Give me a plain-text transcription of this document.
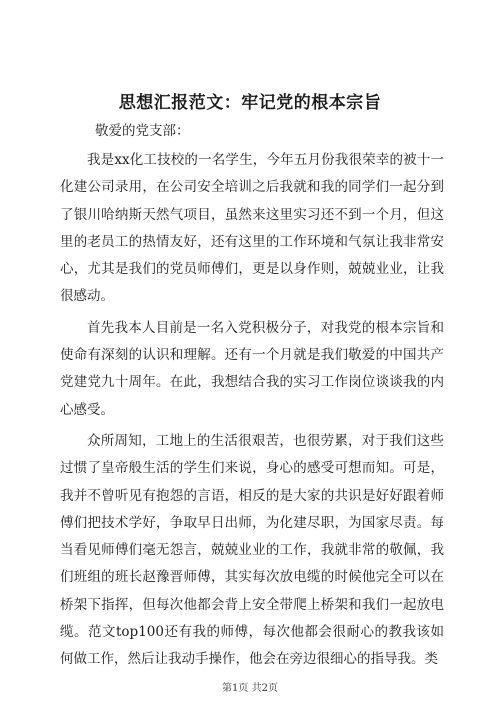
思想汇报范文：牢记党的根本宗旨
敬爱的党支部：

我是xx化工技校的一名学生，今年五月份我很荣幸的被十一化建公司录用，在公司安全培训之后我就和我的同学们一起分到了银川哈纳斯天然气项目，虽然来这里实习还不到一个月，但这里的老员工的热情友好，还有这里的工作环境和气氛让我非常安心，尤其是我们的党员师傅们，更是以身作则，兢兢业业，让我很感动。

首先我本人目前是一名入党积极分子，对我党的根本宗旨和使命有深刻的认识和理解。还有一个月就是我们敬爱的中国共产党建党九十周年。在此，我想结合我的实习工作岗位谈谈我的内心感受。

众所周知，工地上的生活很艰苦，也很劳累，对于我们这些过惯了皇帝般生活的学生们来说，身心的感受可想而知。可是，我并不曾听见有抱怨的言语，相反的是大家的共识是好好跟着师傅们把技术学好，争取早日出师，为化建尽职，为国家尽责。每当看见师傅们毫无怨言，兢兢业业的工作，我就非常的敬佩，我们班组的班长赵豫晋师傅，其实每次放电缆的时候他完全可以在桥架下指挥，但每次他都会背上安全带爬上桥架和我们一起放电缆。范文top100还有我的师傅，每次他都会很耐心的教我该如何做工作，然后让我动手操作，他会在旁边很细心的指导我。类

第1页 共2页
